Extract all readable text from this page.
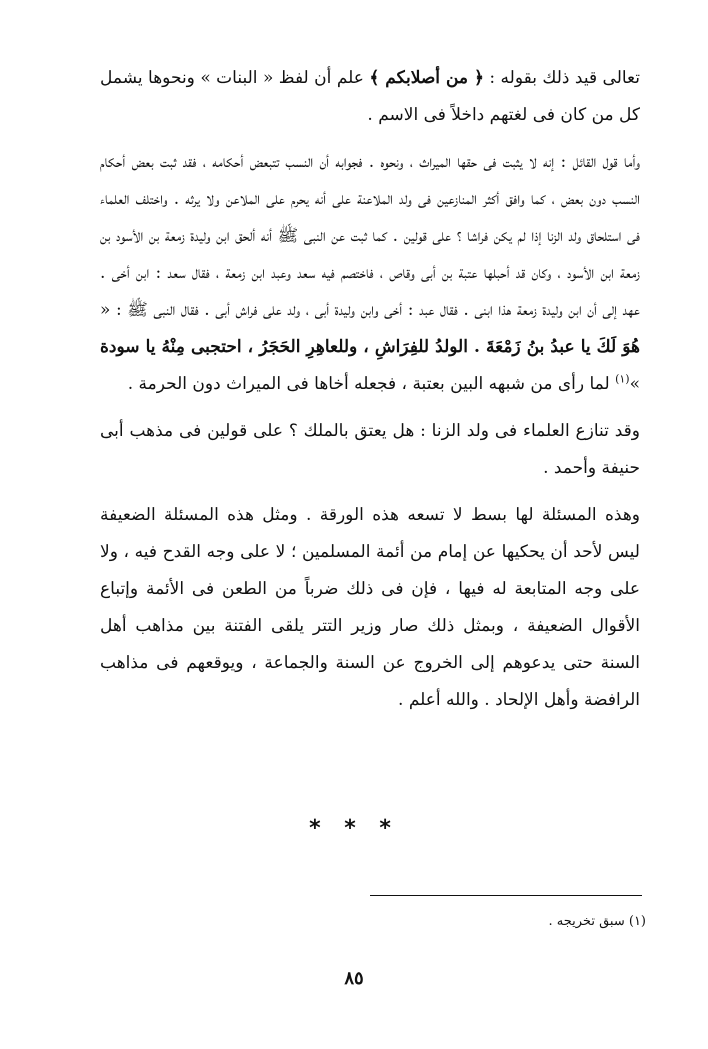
تعالى قيد ذلك بقوله : ﴿ من أصلابكم ﴾ علم أن لفظ « البنات » ونحوها يشمل كل من كان فى لغتهم داخلاً فى الاسم .

وأما قول القائل : إنه لا يثبت فى حقها الميراث ، ونحوه . فجوابه أن النسب تتبعض أحكامه ، فقد ثبت بعض أحكام النسب دون بعض ، كما وافق أكثر المنازعين فى ولد الملاعنة على أنه يحرم على الملاعن ولا يرثه . واختلف العلماء فى استلحاق ولد الزنا إذا لم يكن فراشا ؟ على قولين . كما ثبت عن النبى ﷺ أنه ألحق ابن وليدة زمعة بن الأسود بن زمعة ابن الأسود ، وكان قد أحبلها عتبة بن أبى وقاص ، فاختصم فيه سعد وعبد ابن زمعة ، فقال سعد : ابن أخى . عهد إلى أن ابن وليدة زمعة هذا ابنى . فقال عبد : أخى وابن وليدة أبى ، ولد على فراش أبى . فقال النبى ﷺ : « هُوَ لَكَ يا عبدُ بنُ زَمْعَةَ . الولدُ للفِرَاشِ ، وللعاهِرِ الحَجَرُ ، احتجبى مِنْهُ يا سودة »$^{(١)}$ لما رأى من شبهه البين بعتبة ، فجعله أخاها فى الميراث دون الحرمة .

وقد تنازع العلماء فى ولد الزنا : هل يعتق بالملك ؟ على قولين فى مذهب أبى حنيفة وأحمد .

وهذه المسئلة لها بسط لا تسعه هذه الورقة . ومثل هذه المسئلة الضعيفة ليس لأحد أن يحكيها عن إمام من أئمة المسلمين ؛ لا على وجه القدح فيه ، ولا على وجه المتابعة له فيها ، فإن فى ذلك ضرباً من الطعن فى الأئمة وإتباع الأقوال الضعيفة ، وبمثل ذلك صار وزير التتر يلقى الفتنة بين مذاهب أهل السنة حتى يدعوهم إلى الخروج عن السنة والجماعة ، ويوقعهم فى مذاهب الرافضة وأهل الإلحاد . والله أعلم .

* * *
(١) سبق تخريجه .
٨٥
